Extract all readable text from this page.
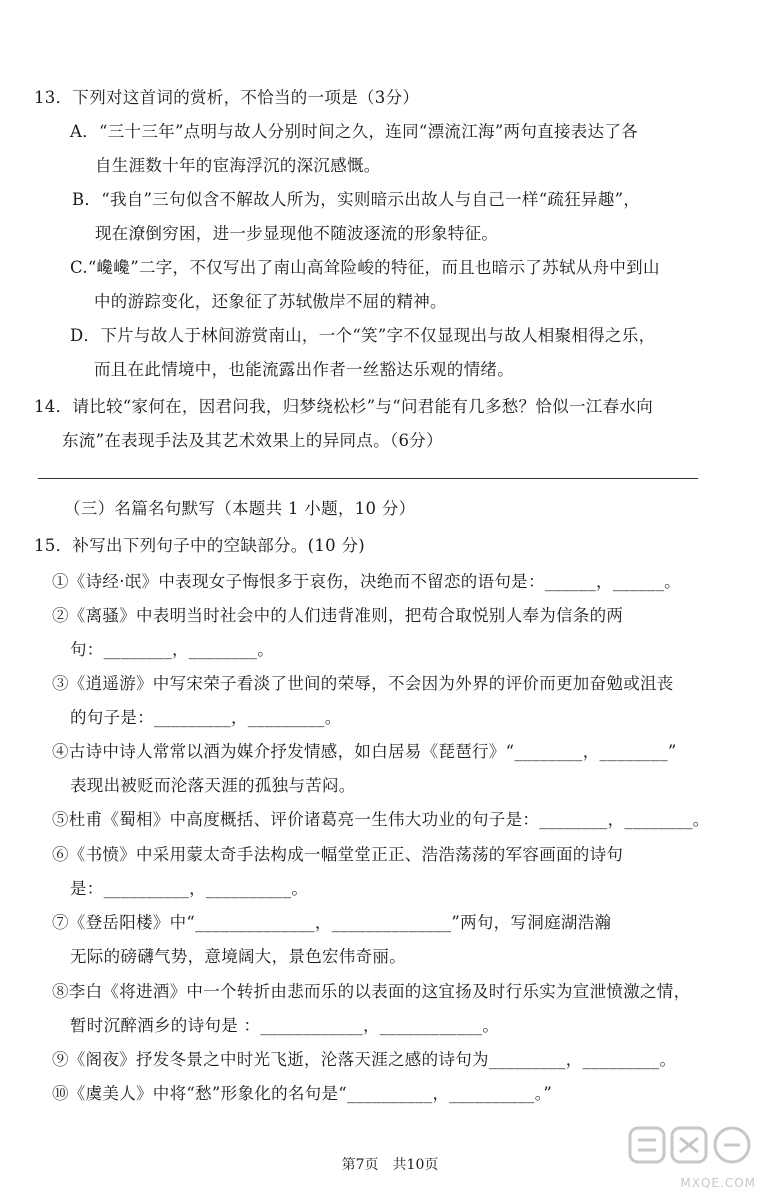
13．下列对这首词的赏析，不恰当的一项是（3分）
A．“三十三年”点明与故人分别时间之久，连同“漂流江海”两句直接表达了各
自生涯数十年的宦海浮沉的深沉感慨。
B．“我自”三句似含不解故人所为，实则暗示出故人与自己一样“疏狂异趣”，
现在潦倒穷困，进一步显现他不随波逐流的形象特征。
C.“巉巉”二字，不仅写出了南山高耸险峻的特征，而且也暗示了苏轼从舟中到山
中的游踪变化，还象征了苏轼傲岸不屈的精神。
D．下片与故人于林间游赏南山，一个“笑”字不仅显现出与故人相聚相得之乐，
而且在此情境中，也能流露出作者一丝豁达乐观的情绪。
14．请比较“家何在，因君问我，归梦绕松杉”与“问君能有几多愁？恰似一江春水向
东流”在表现手法及其艺术效果上的异同点。（6分）
（三）名篇名句默写（本题共 1 小题，10 分）
15．补写出下列句子中的空缺部分。(10 分)
①《诗经·氓》中表现女子悔恨多于哀伤，决绝而不留恋的语句是：______，______。
②《离骚》中表明当时社会中的人们违背准则，把苟合取悦别人奉为信条的两
句：________，________。
③《逍遥游》中写宋荣子看淡了世间的荣辱，不会因为外界的评价而更加奋勉或沮丧
的句子是：_________，_________。
④古诗中诗人常常以酒为媒介抒发情感，如白居易《琵琶行》“________，________”
表现出被贬而沦落天涯的孤独与苦闷。
⑤杜甫《蜀相》中高度概括、评价诸葛亮一生伟大功业的句子是：________，________。
⑥《书愤》中采用蒙太奇手法构成一幅堂堂正正、浩浩荡荡的军容画面的诗句
是：__________，__________。
⑦《登岳阳楼》中“______________，______________”两句，写洞庭湖浩瀚
无际的磅礴气势，意境阔大，景色宏伟奇丽。
⑧李白《将进酒》中一个转折由悲而乐的以表面的这宜扬及时行乐实为宣泄愤激之情，
暂时沉醉酒乡的诗句是 ：____________，____________。
⑨《阁夜》抒发冬景之中时光飞逝，沦落天涯之感的诗句为_________，_________。
⑩《虞美人》中将“愁”形象化的名句是“__________，__________。”
第7页　共10页
MXQE.COM
